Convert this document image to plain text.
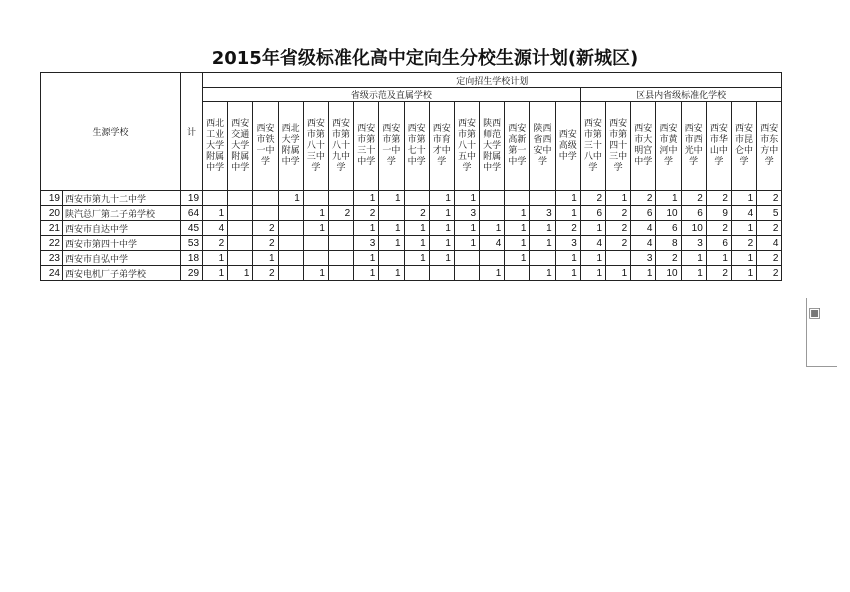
2015年省级标准化高中定向生分校生源计划(新城区)
生源学校		计	定向招生学校计划																						
			省级示范及直属学校															区县内省级标准化学校							
			西北工业大学附属中学	西安交通大学附属中学	西安市铁一中学	西北大学附属中学	西安市第八十三中学	西安市第八十九中学	西安市第三十中学	西安市第一中学	西安市第七十中学	西安市育才中学	西安市第八十五中学	陕西师范大学附属中学	西安高新第一中学	陕西省西安中学	西安高级中学	西安市第三十八中学	西安市第四十三中学	西安市大明宫中学	西安市黄河中学	西安市西光中学	西安市华山中学	西安市昆仑中学	西安市东方中学
19	西安市第九十二中学	19				1			1	1		1	1				1	2	1	2	1	2	2	1	2
20	陕汽总厂第二子弟学校	64	1				1	2	2		2	1	3		1	3	1	6	2	6	10	6	9	4	5
21	西安市自达中学	45	4		2		1		1	1	1	1	1	1	1	1	2	1	2	4	6	10	2	1	2
22	西安市第四十中学	53	2		2				3	1	1	1	1	4	1	1	3	4	2	4	8	3	6	2	4
23	西安市自弘中学	18	1		1				1		1	1			1		1	1		3	2	1	1	1	2
24	西安电机厂子弟学校	29	1	1	2		1		1	1				1		1	1	1	1	1	10	1	2	1	2
▣
